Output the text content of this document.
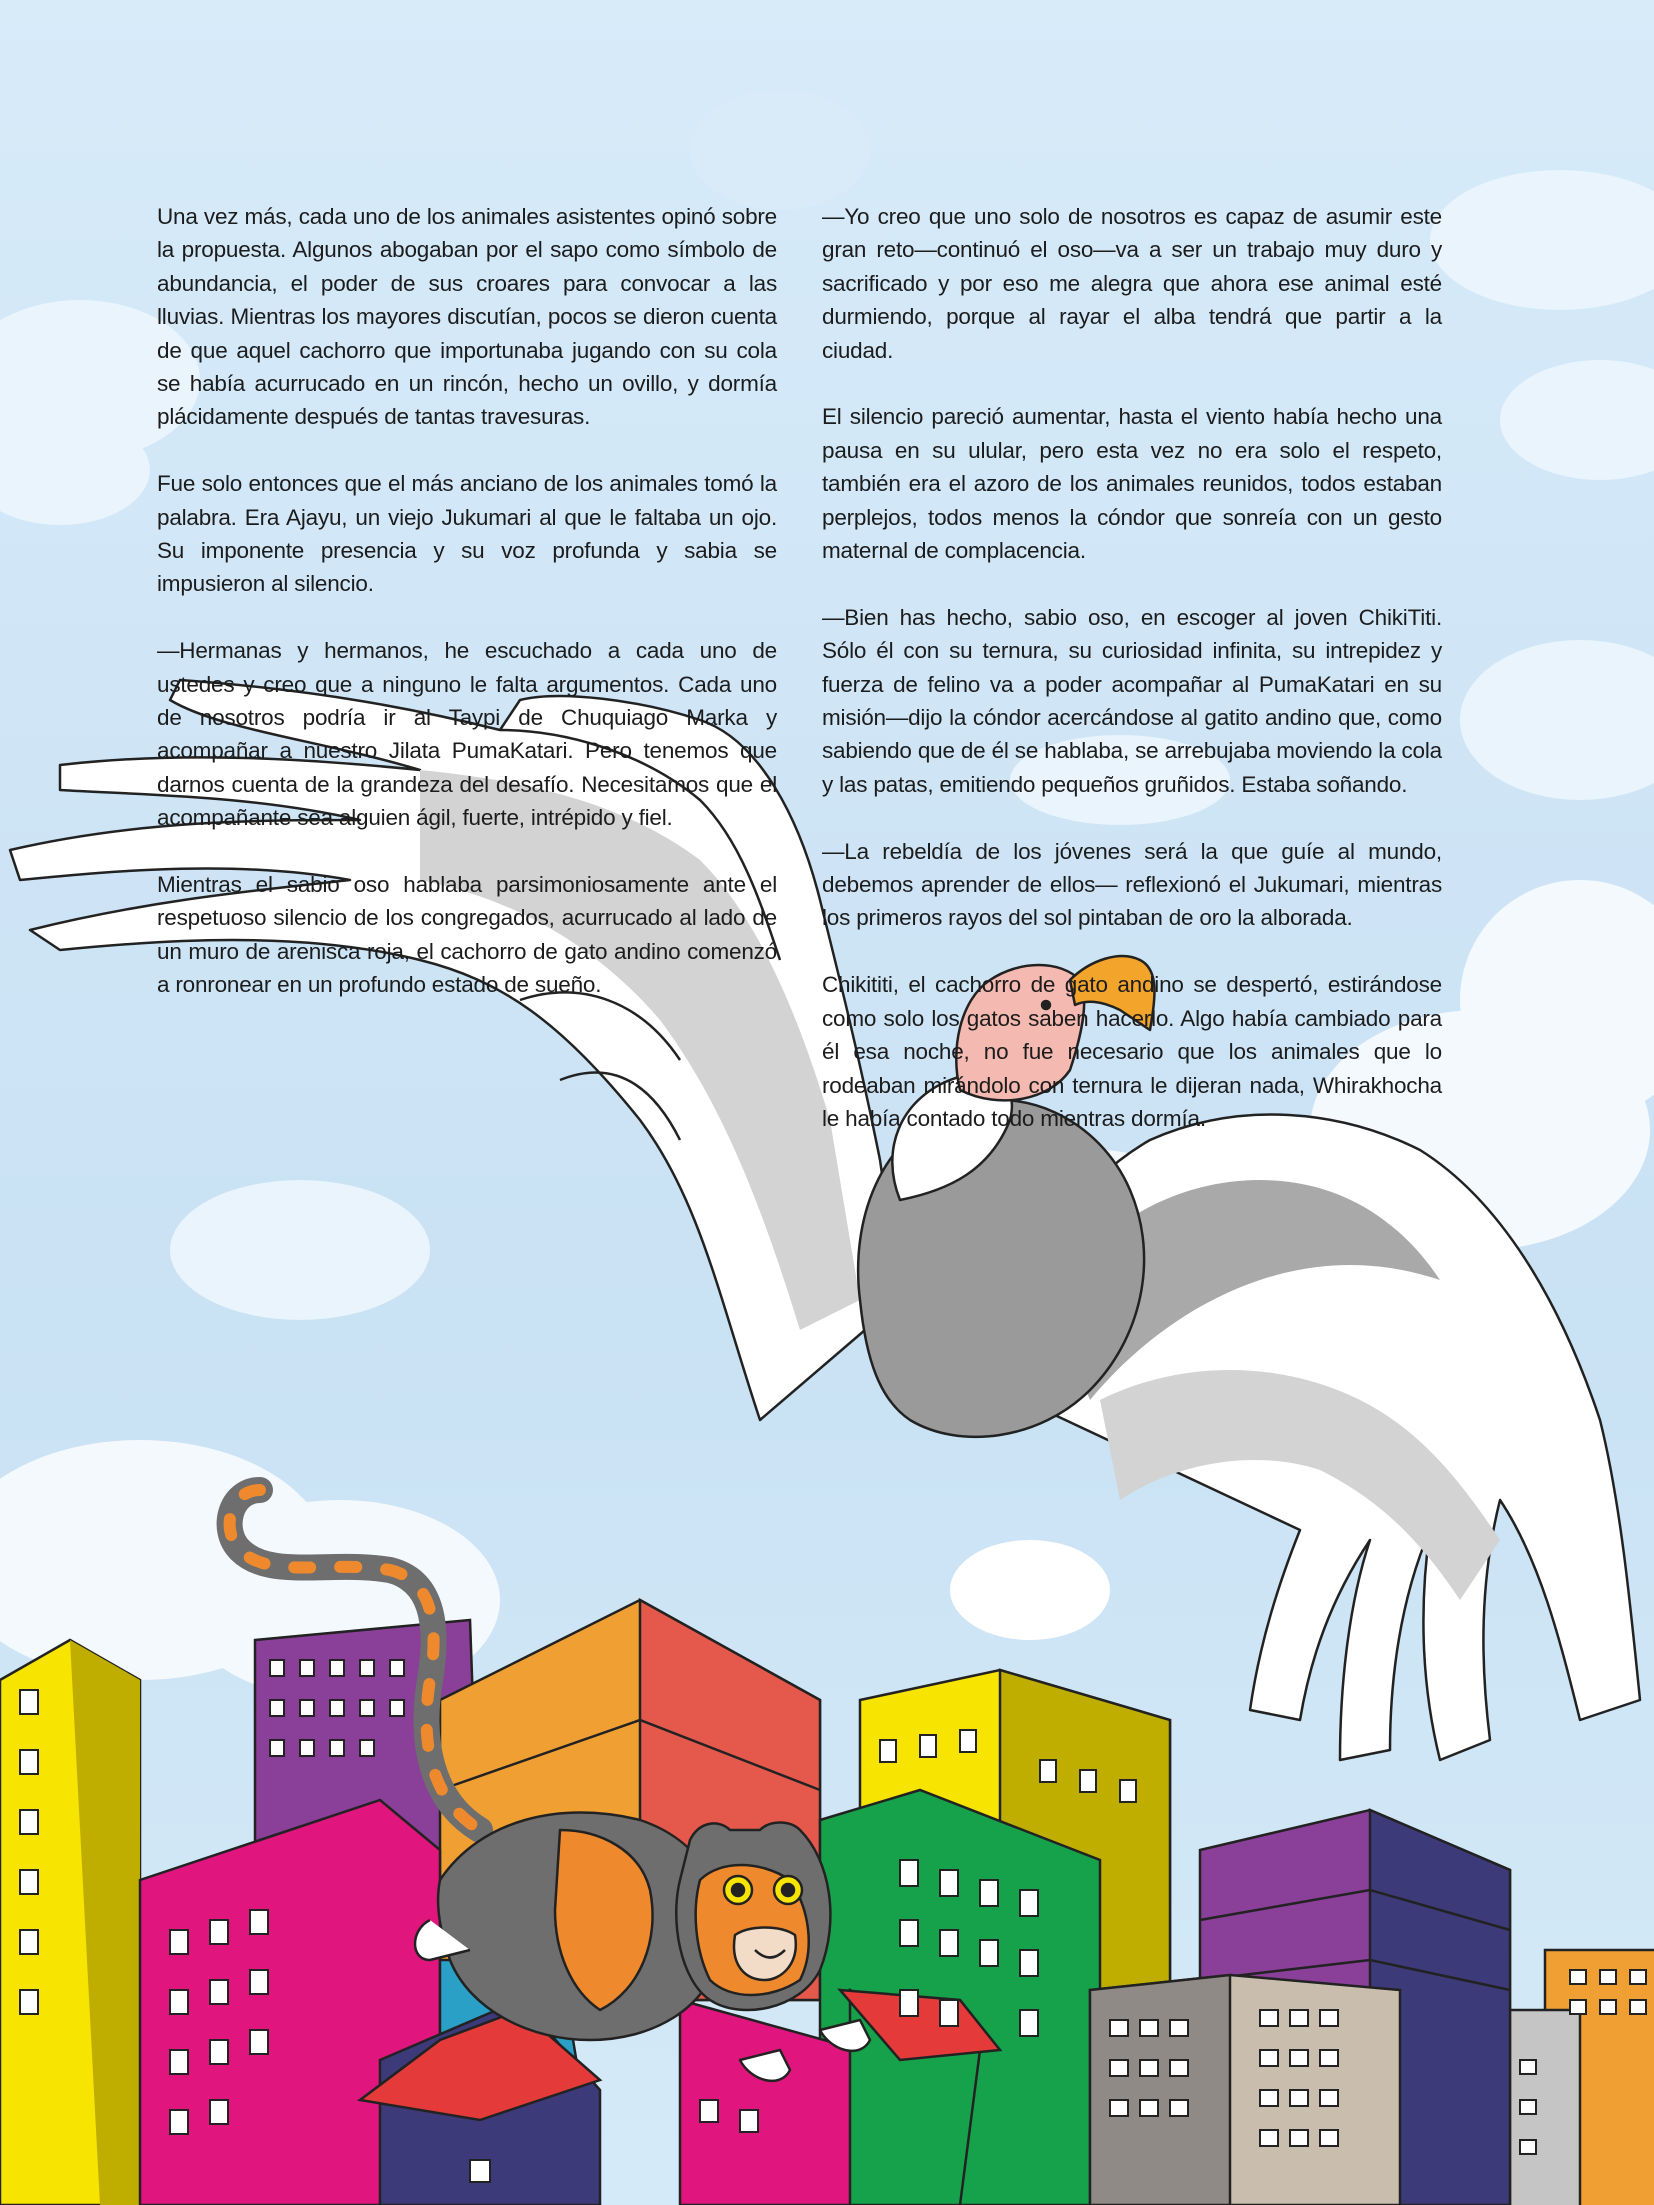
Una vez más, cada uno de los animales asistentes opinó sobre la propuesta. Algunos abogaban por el sapo como símbolo de abundancia, el poder de sus croares para convocar a las lluvias. Mientras los mayores discutían, pocos se dieron cuenta de que aquel cachorro que importunaba jugando con su cola se había acurrucado en un rincón, hecho un ovillo, y dormía plácidamente después de tantas travesuras.

Fue solo entonces que el más anciano de los animales tomó la palabra. Era Ajayu, un viejo Jukumari al que le faltaba un ojo. Su imponente presencia y su voz profunda y sabia se impusieron al silencio.

—Hermanas y hermanos, he escuchado a cada uno de ustedes y creo que a ninguno le falta argumentos. Cada uno de nosotros podría ir al Taypi de Chuquiago Marka y acompañar a nuestro Jilata PumaKatari. Pero tenemos que darnos cuenta de la grandeza del desafío. Necesitamos que el acompañante sea alguien ágil, fuerte, intrépido y fiel.

Mientras el sabio oso hablaba parsimoniosamente ante el respetuoso silencio de los congregados, acurrucado al lado de un muro de arenisca roja, el cachorro de gato andino comenzó a ronronear en un profundo estado de sueño.

—Yo creo que uno solo de nosotros es capaz de asumir este gran reto—continuó el oso—va a ser un trabajo muy duro y sacrificado y por eso me alegra que ahora ese animal esté durmiendo, porque al rayar el alba tendrá que partir a la ciudad.

El silencio pareció aumentar, hasta el viento había hecho una pausa en su ulular, pero esta vez no era solo el respeto, también era el azoro de los animales reunidos, todos estaban perplejos, todos menos la cóndor que sonreía con un gesto maternal de complacencia.

—Bien has hecho, sabio oso, en escoger al joven ChikiTiti. Sólo él con su ternura, su curiosidad infinita, su intrepidez y fuerza de felino va a poder acompañar al PumaKatari en su misión—dijo la cóndor acercándose al gatito andino que, como sabiendo que de él se hablaba, se arrebujaba moviendo la cola y las patas, emitiendo pequeños gruñidos. Estaba soñando.

—La rebeldía de los jóvenes será la que guíe al mundo, debemos aprender de ellos— reflexionó el Jukumari, mientras los primeros rayos del sol pintaban de oro la alborada.

Chikititi, el cachorro de gato andino se despertó, estirándose como solo los gatos saben hacerlo. Algo había cambiado para él esa noche, no fue necesario que los animales que lo rodeaban mirándolo con ternura le dijeran nada, Whirakhocha le había contado todo mientras dormía.
